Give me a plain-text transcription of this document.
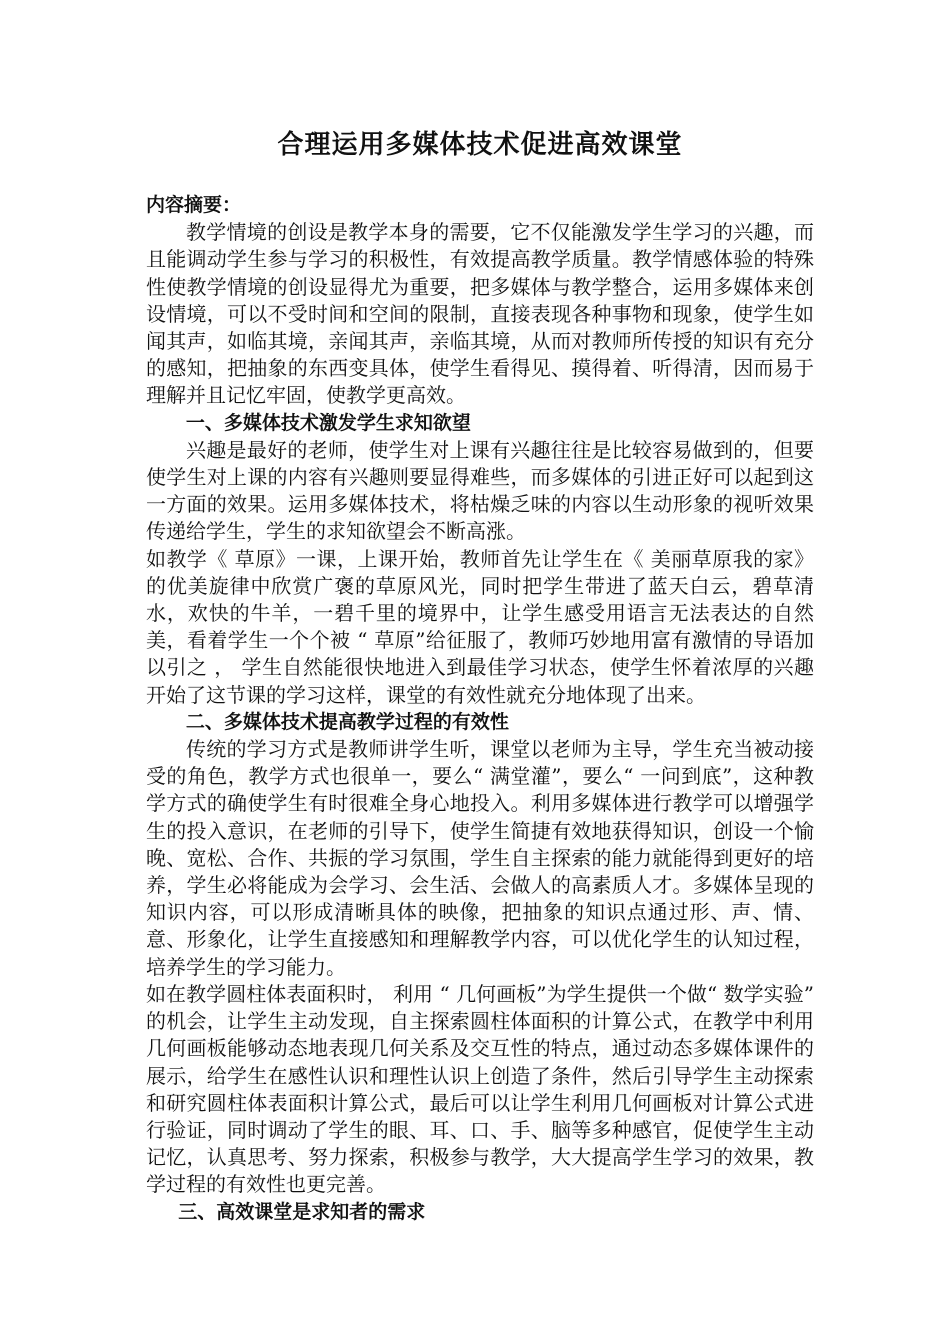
合理运用多媒体技术促进高效课堂

内容摘要：

教学情境的创设是教学本身的需要，它不仅能激发学生学习的兴趣，而且能调动学生参与学习的积极性，有效提高教学质量。教学情感体验的特殊性使教学情境的创设显得尤为重要，把多媒体与教学整合，运用多媒体来创设情境，可以不受时间和空间的限制，直接表现各种事物和现象，使学生如闻其声，如临其境，亲闻其声，亲临其境，从而对教师所传授的知识有充分的感知，把抽象的东西变具体，使学生看得见、摸得着、听得清，因而易于理解并且记忆牢固，使教学更高效。

一、多媒体技术激发学生求知欲望

兴趣是最好的老师，使学生对上课有兴趣往往是比较容易做到的，但要使学生对上课的内容有兴趣则要显得难些，而多媒体的引进正好可以起到这一方面的效果。运用多媒体技术，将枯燥乏味的内容以生动形象的视听效果传递给学生，学生的求知欲望会不断高涨。

如教学《 草原》一课，上课开始，教师首先让学生在《 美丽草原我的家》的优美旋律中欣赏广褒的草原风光，同时把学生带进了蓝天白云，碧草清水，欢快的牛羊，一碧千里的境界中，让学生感受用语言无法表达的自然美，看着学生一个个被 “ 草原”给征服了，教师巧妙地用富有激情的导语加以引之 ， 学生自然能很快地进入到最佳学习状态，使学生怀着浓厚的兴趣开始了这节课的学习这样，课堂的有效性就充分地体现了出来。

二、多媒体技术提高教学过程的有效性

传统的学习方式是教师讲学生听，课堂以老师为主导，学生充当被动接受的角色，教学方式也很单一，要么“ 满堂灌”，要么“ 一问到底”，这种教学方式的确使学生有时很难全身心地投入。利用多媒体进行教学可以增强学生的投入意识，在老师的引导下，使学生简捷有效地获得知识，创设一个愉晚、宽松、合作、共振的学习氛围，学生自主探索的能力就能得到更好的培养，学生必将能成为会学习、会生活、会做人的高素质人才。多媒体呈现的知识内容，可以形成清晰具体的映像，把抽象的知识点通过形、声、情、意、形象化，让学生直接感知和理解教学内容，可以优化学生的认知过程，培养学生的学习能力。

如在教学圆柱体表面积时， 利用 “ 几何画板”为学生提供一个做“ 数学实验” 的机会，让学生主动发现，自主探索圆柱体面积的计算公式，在教学中利用几何画板能够动态地表现几何关系及交互性的特点，通过动态多媒体课件的展示，给学生在感性认识和理性认识上创造了条件，然后引导学生主动探索和研究圆柱体表面积计算公式，最后可以让学生利用几何画板对计算公式进行验证，同时调动了学生的眼、耳、口、手、脑等多种感官，促使学生主动记忆，认真思考、努力探索，积极参与教学，大大提高学生学习的效果，教学过程的有效性也更完善。

三、高效课堂是求知者的需求
